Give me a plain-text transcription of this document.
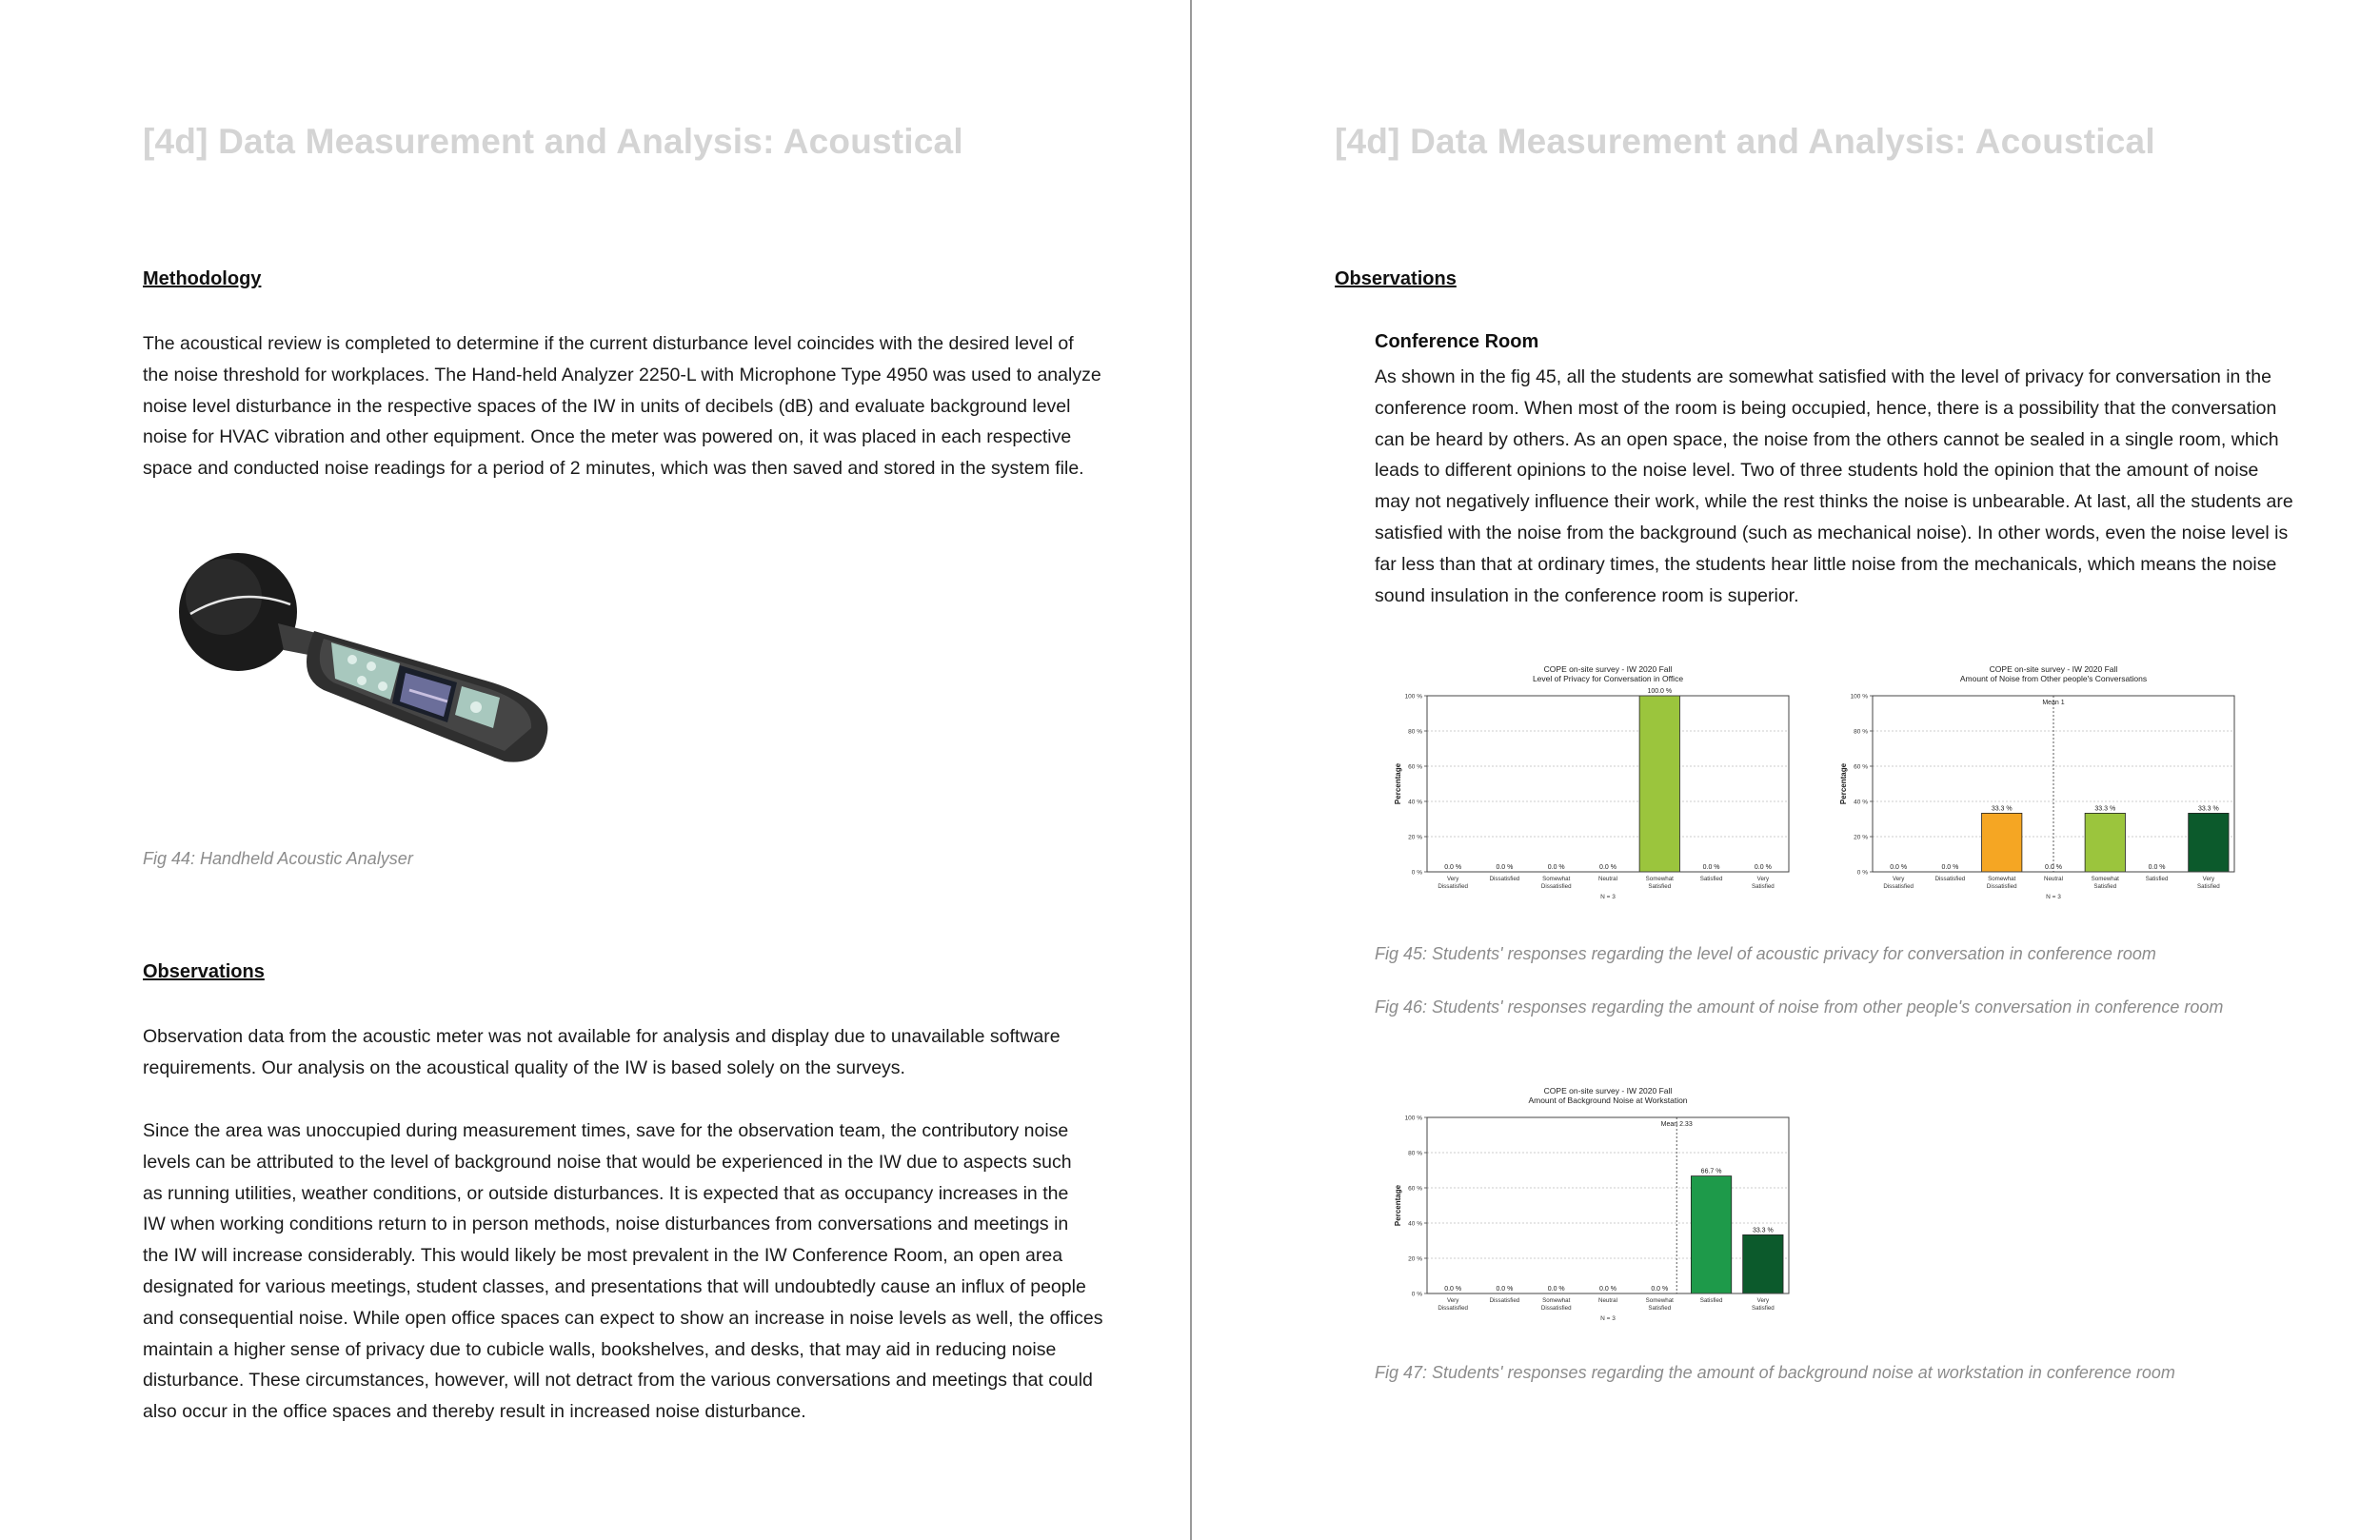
[4d] Data Measurement and Analysis: Acoustical
Methodology
The acoustical review is completed to determine if the current disturbance level coincides with the desired level of
the noise threshold for workplaces. The Hand-held Analyzer 2250-L with Microphone Type 4950 was used to analyze
noise level disturbance in the respective spaces of the IW in units of decibels (dB) and evaluate background level
noise for HVAC vibration and other equipment. Once the meter was powered on, it was placed in each respective
space and conducted noise readings for a period of 2 minutes, which was then saved and stored in the system file.
Fig 44: Handheld Acoustic Analyser
Observations
Observation data from the acoustic meter was not available for analysis and display due to unavailable software
requirements. Our analysis on the acoustical quality of the IW is based solely on the surveys.
Since the area was unoccupied during measurement times, save for the observation team, the contributory noise
levels can be attributed to the level of background noise that would be experienced in the IW due to aspects such
as running utilities, weather conditions, or outside disturbances. It is expected that as occupancy increases in the
IW when working conditions return to in person methods, noise disturbances from conversations and meetings in
the IW will increase considerably. This would likely be most prevalent in the IW Conference Room, an open area
designated for various meetings, student classes, and presentations that will undoubtedly cause an influx of people
and consequential noise. While open office spaces can expect to show an increase in noise levels as well, the offices
maintain a higher sense of privacy due to cubicle walls, bookshelves, and desks, that may aid in reducing noise
disturbance. These circumstances, however, will not detract from the various conversations and meetings that could
also occur in the office spaces and thereby result in increased noise disturbance.
[4d] Data Measurement and Analysis: Acoustical
Observations
Conference Room
As shown in the fig 45, all the students are somewhat satisfied with the level of privacy for conversation in the
conference room. When most of the room is being occupied, hence, there is a possibility that the conversation
can be heard by others. As an open space, the noise from the others cannot be sealed in a single room, which
leads to different opinions to the noise level. Two of three students hold the opinion that the amount of noise
may not negatively influence their work, while the rest thinks the noise is unbearable. At last, all the students are
satisfied with the noise from the background (such as mechanical noise). In other words, even the noise level is
far less than that at ordinary times, the students hear little noise from the mechanicals, which means the noise
sound insulation in the conference room is superior.
COPE on-site survey - IW 2020 Fall
Level of Privacy for Conversation in Office
0 %
20 %
40 %
60 %
80 %
100 %
Percentage
0.0 %
Very
Dissatisfied
0.0 %
Dissatisfied
0.0 %
Somewhat
Dissatisfied
0.0 %
Neutral
100.0 %
Somewhat
Satisfied
0.0 %
Satisfied
0.0 %
Very
Satisfied
N = 3
COPE on-site survey - IW 2020 Fall
Amount of Noise from Other people's Conversations
0 %
20 %
40 %
60 %
80 %
100 %
Percentage
0.0 %
Very
Dissatisfied
0.0 %
Dissatisfied
33.3 %
Somewhat
Dissatisfied
0.0 %
Neutral
33.3 %
Somewhat
Satisfied
0.0 %
Satisfied
33.3 %
Very
Satisfied
Mean 1
N = 3
Fig 45: Students' responses regarding the level of acoustic privacy for conversation in conference room
Fig 46: Students' responses regarding the amount of noise from other people's conversation in conference room
COPE on-site survey - IW 2020 Fall
Amount of Background Noise at Workstation
0 %
20 %
40 %
60 %
80 %
100 %
Percentage
0.0 %
Very
Dissatisfied
0.0 %
Dissatisfied
0.0 %
Somewhat
Dissatisfied
0.0 %
Neutral
0.0 %
Somewhat
Satisfied
66.7 %
Satisfied
33.3 %
Very
Satisfied
Mean 2.33
N = 3
Fig 47: Students' responses regarding the amount of background noise at workstation in conference room
